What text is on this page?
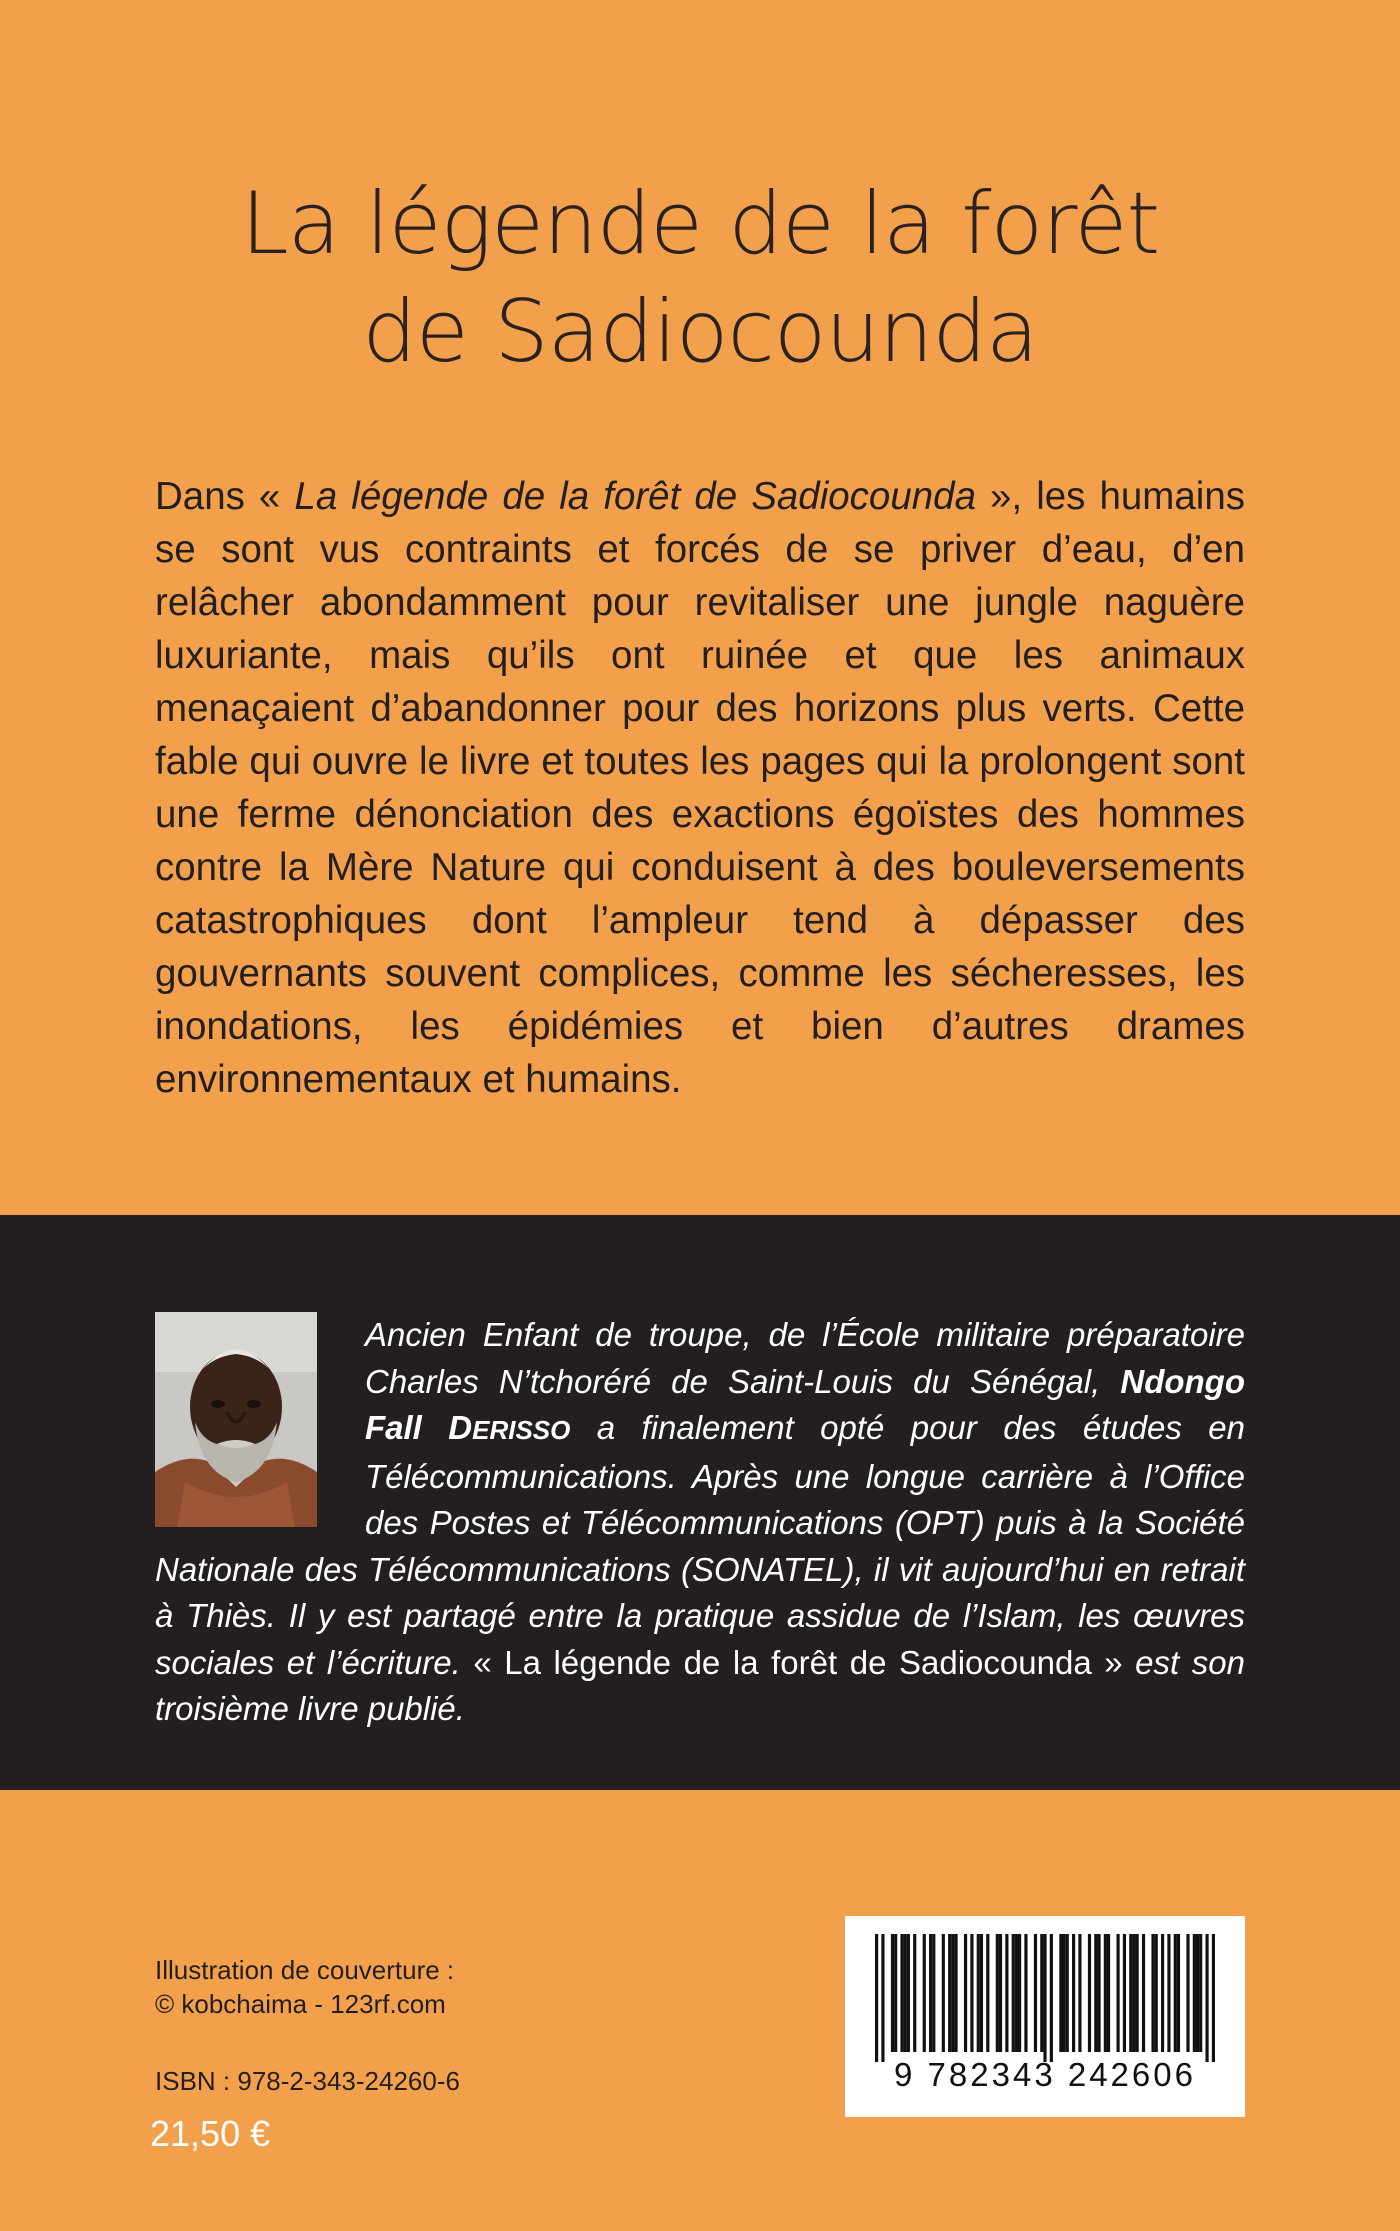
La légende de la forêt
de Sadiocounda

Dans « La légende de la forêt de Sadiocounda », les humains se sont vus contraints et forcés de se priver d’eau, d’en relâcher abondamment pour revitaliser une jungle naguère luxuriante, mais qu’ils ont ruinée et que les animaux menaçaient d’abandonner pour des horizons plus verts. Cette fable qui ouvre le livre et toutes les pages qui la prolongent sont une ferme dénonciation des exactions égoïstes des hommes contre la Mère Nature qui conduisent à des bouleversements catastrophiques dont l’ampleur tend à dépasser des gouvernants souvent complices, comme les sécheresses, les inondations, les épidémies et bien d’autres drames environnementaux et humains.

Ancien Enfant de troupe, de l’École militaire préparatoire Charles N’tchoréré de Saint-Louis du Sénégal, Ndongo Fall DERISSO a finalement opté pour des études en Télécommunications. Après une longue carrière à l’Office des Postes et Télécommunications (OPT) puis à la Société Nationale des Télécommunications (SONATEL), il vit aujourd’hui en retrait à Thiès. Il y est partagé entre la pratique assidue de l’Islam, les œuvres sociales et l’écriture. « La légende de la forêt de Sadiocounda » est son troisième livre publié.
Illustration de couverture :
© kobchaima - 123rf.com
ISBN : 978-2-343-24260-6
21,50 €
9 782343 242606
